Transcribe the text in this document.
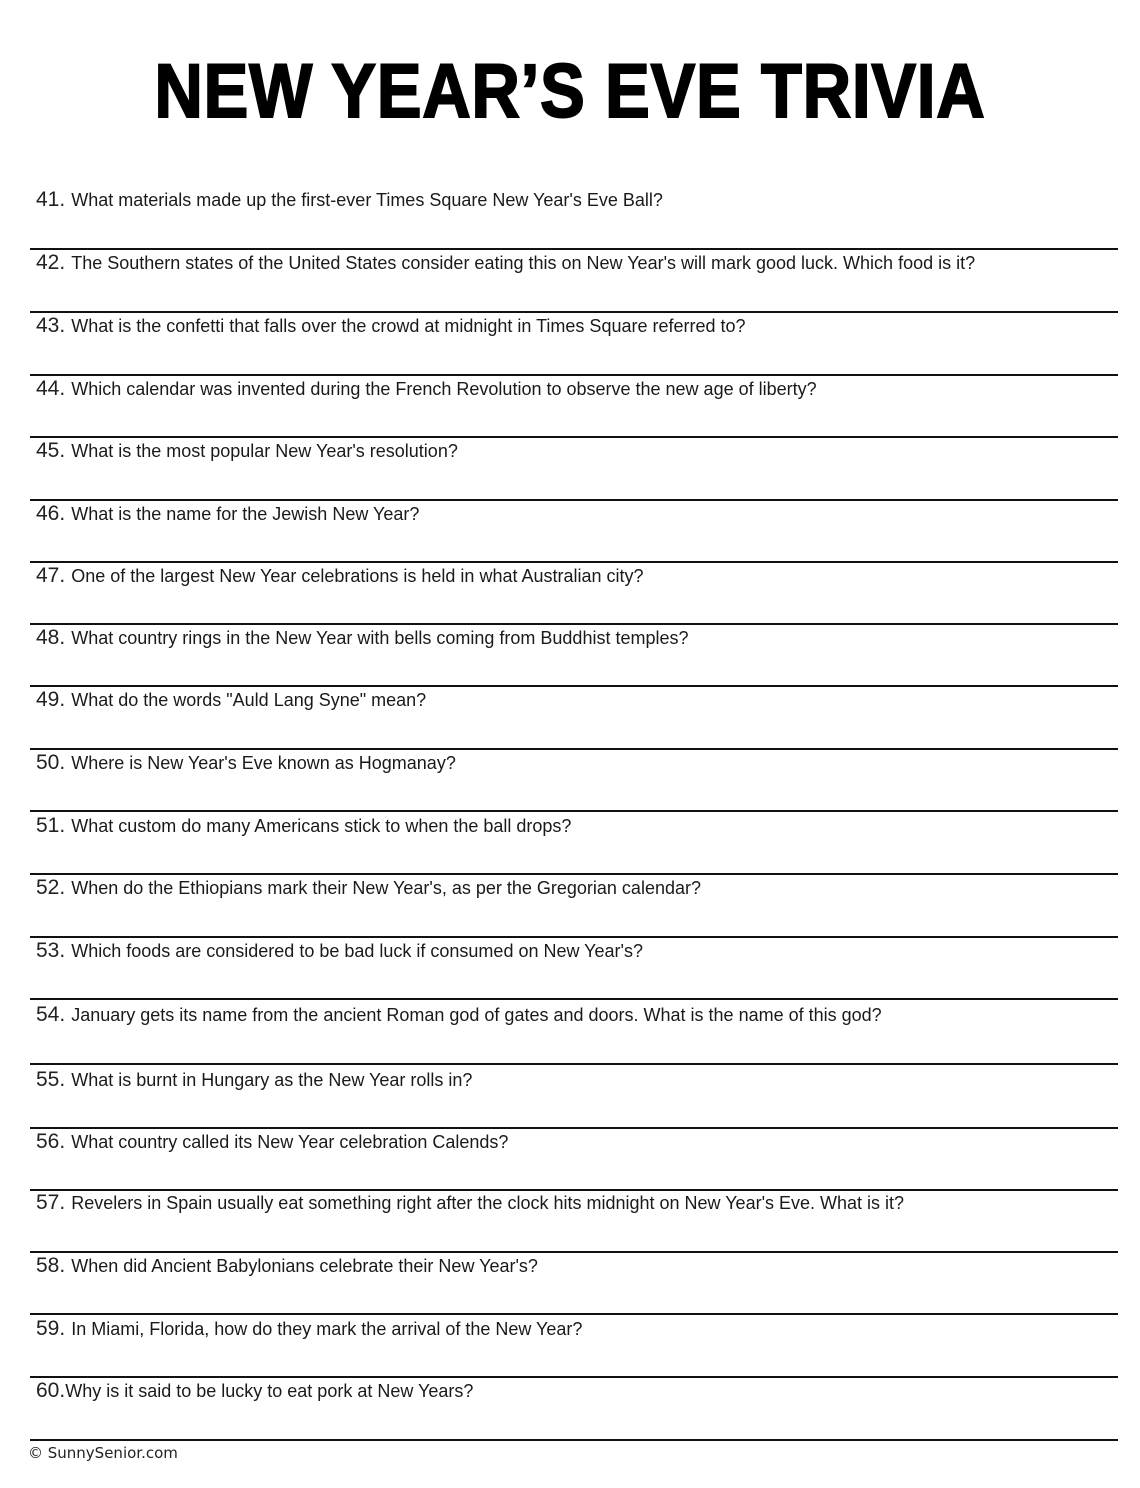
NEW YEAR’S EVE TRIVIA
41. What materials made up the first-ever Times Square New Year's Eve Ball?
42. The Southern states of the United States consider eating this on New Year's will mark good luck. Which food is it?
43. What is the confetti that falls over the crowd at midnight in Times Square referred to?
44. Which calendar was invented during the French Revolution to observe the new age of liberty?
45. What is the most popular New Year's resolution?
46. What is the name for the Jewish New Year?
47. One of the largest New Year celebrations is held in what Australian city?
48. What country rings in the New Year with bells coming from Buddhist temples?
49. What do the words "Auld Lang Syne" mean?
50. Where is New Year's Eve known as Hogmanay?
51. What custom do many Americans stick to when the ball drops?
52. When do the Ethiopians mark their New Year's, as per the Gregorian calendar?
53. Which foods are considered to be bad luck if consumed on New Year's?
54. January gets its name from the ancient Roman god of gates and doors. What is the name of this god?
55. What is burnt in Hungary as the New Year rolls in?
56. What country called its New Year celebration Calends?
57. Revelers in Spain usually eat something right after the clock hits midnight on New Year's Eve. What is it?
58. When did Ancient Babylonians celebrate their New Year's?
59. In Miami, Florida, how do they mark the arrival of the New Year?
60.Why is it said to be lucky to eat pork at New Years?
© SunnySenior.com
